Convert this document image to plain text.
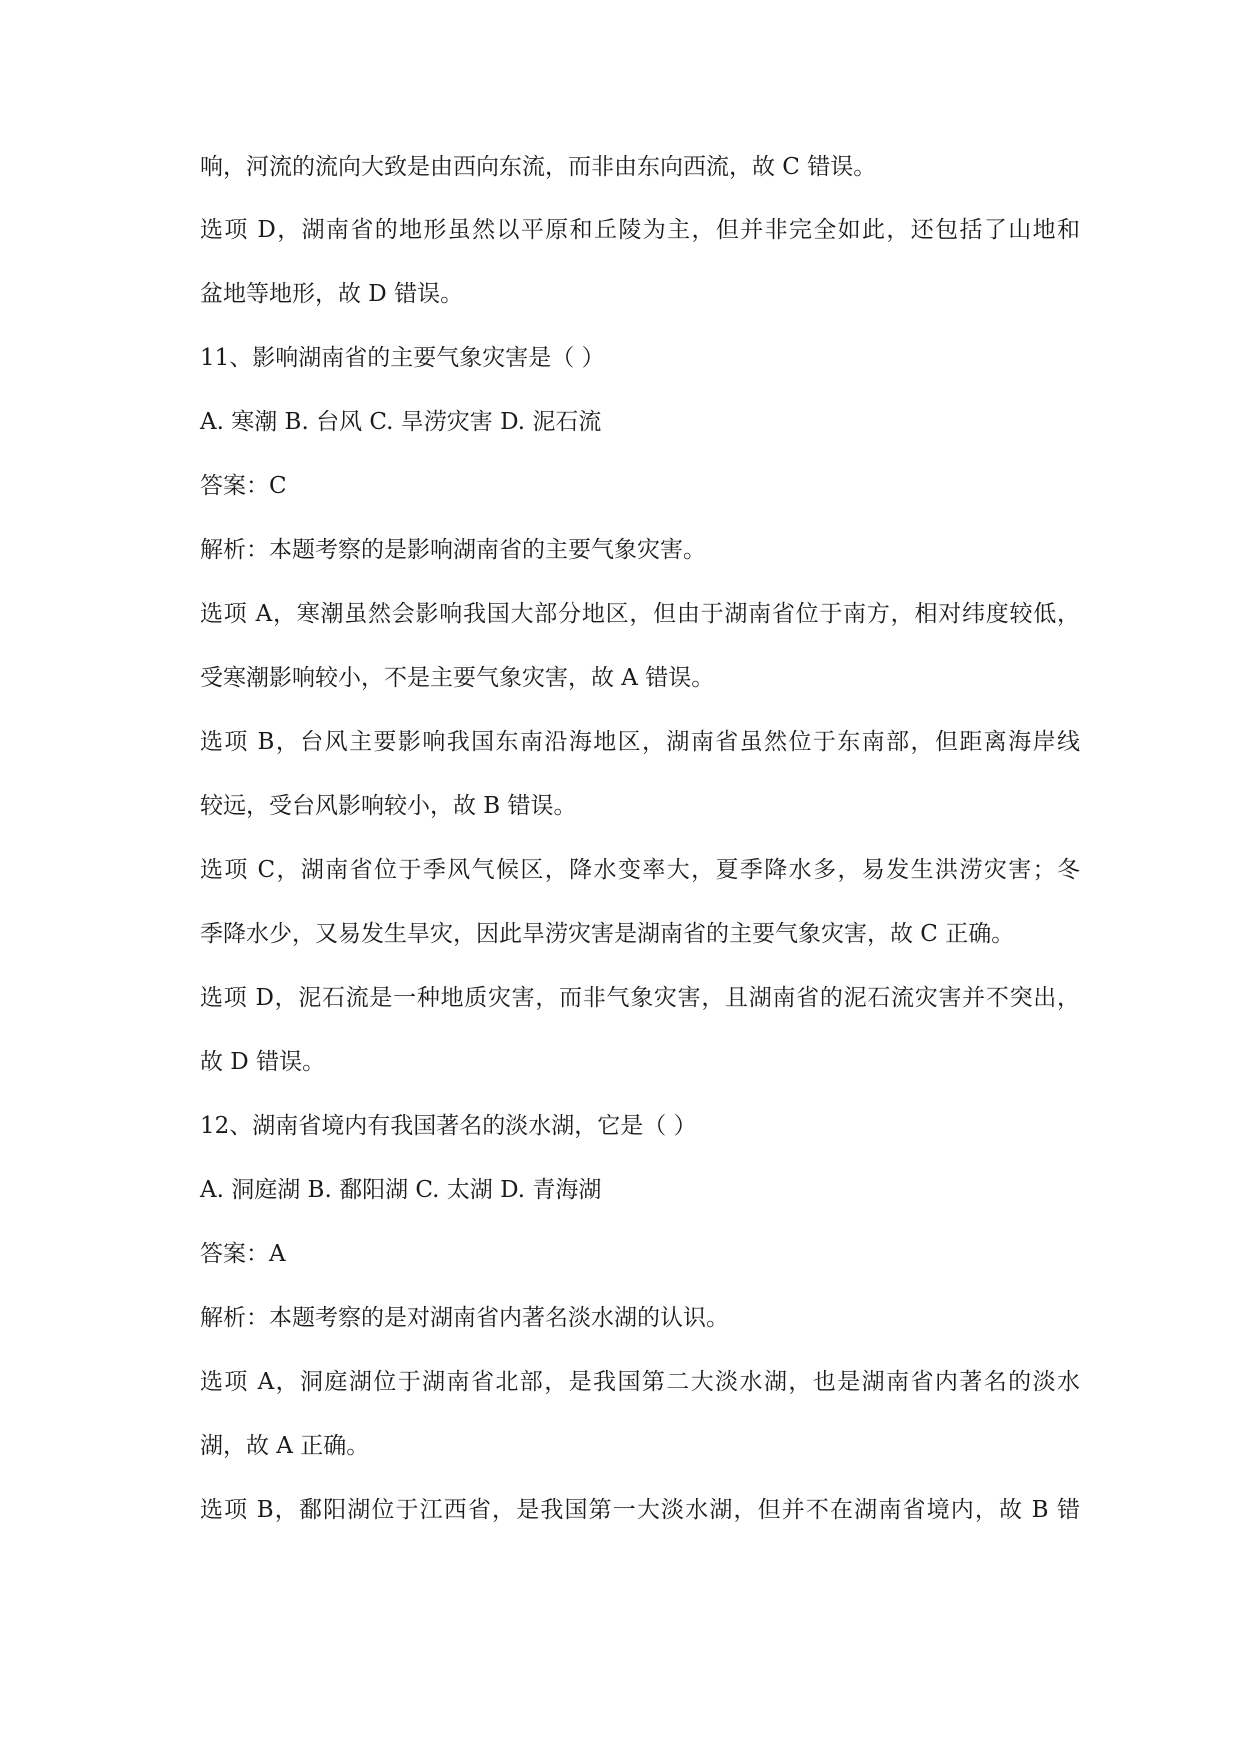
响，河流的流向大致是由西向东流，而非由东向西流，故 C 错误。
选项 D，湖南省的地形虽然以平原和丘陵为主，但并非完全如此，还包括了山地和
盆地等地形，故 D 错误。
11、影响湖南省的主要气象灾害是（ ）
A. 寒潮 B. 台风 C. 旱涝灾害 D. 泥石流
答案：C
解析：本题考察的是影响湖南省的主要气象灾害。
选项 A，寒潮虽然会影响我国大部分地区，但由于湖南省位于南方，相对纬度较低，
受寒潮影响较小，不是主要气象灾害，故 A 错误。
选项 B，台风主要影响我国东南沿海地区，湖南省虽然位于东南部，但距离海岸线
较远，受台风影响较小，故 B 错误。
选项 C，湖南省位于季风气候区，降水变率大，夏季降水多，易发生洪涝灾害；冬
季降水少，又易发生旱灾，因此旱涝灾害是湖南省的主要气象灾害，故 C 正确。
选项 D，泥石流是一种地质灾害，而非气象灾害，且湖南省的泥石流灾害并不突出，
故 D 错误。
12、湖南省境内有我国著名的淡水湖，它是（ ）
A. 洞庭湖 B. 鄱阳湖 C. 太湖 D. 青海湖
答案：A
解析：本题考察的是对湖南省内著名淡水湖的认识。
选项 A，洞庭湖位于湖南省北部，是我国第二大淡水湖，也是湖南省内著名的淡水
湖，故 A 正确。
选项 B，鄱阳湖位于江西省，是我国第一大淡水湖，但并不在湖南省境内，故 B 错
